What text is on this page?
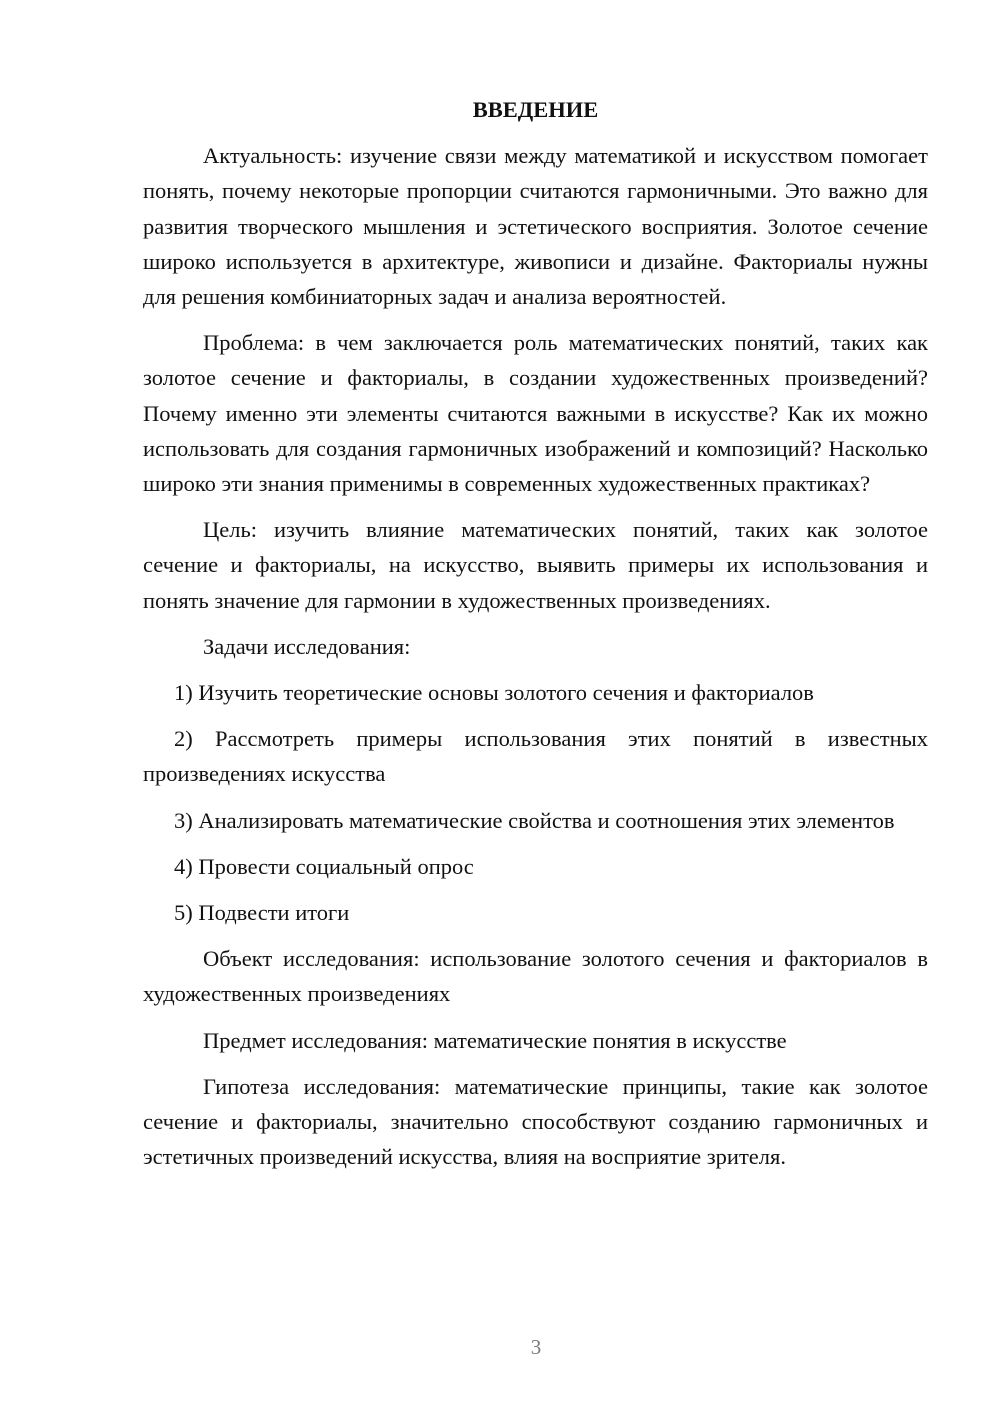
ВВЕДЕНИЕ

Актуальность: изучение связи между математикой и искусством помогает понять, почему некоторые пропорции считаются гармоничными. Это важно для развития творческого мышления и эстетического восприятия. Золотое сечение широко используется в архитектуре, живописи и дизайне. Факториалы нужны для решения комбиниаторных задач и анализа вероятностей.

Проблема: в чем заключается роль математических понятий, таких как золотое сечение и факториалы, в создании художественных произведений? Почему именно эти элементы считаются важными в искусстве? Как их можно использовать для создания гармоничных изображений и композиций? Насколько широко эти знания применимы в современных художественных практиках?

Цель: изучить влияние математических понятий, таких как золотое сечение и факториалы, на искусство, выявить примеры их использования и понять значение для гармонии в художественных произведениях.

Задачи исследования:

1) Изучить теоретические основы золотого сечения и факториалов

2) Рассмотреть примеры использования этих понятий в известных произведениях искусства

3) Анализировать математические свойства и соотношения этих элементов

4) Провести социальный опрос

5) Подвести итоги

Объект исследования: использование золотого сечения и факториалов в художественных произведениях

Предмет исследования: математические понятия в искусстве

Гипотеза исследования: математические принципы, такие как золотое сечение и факториалы, значительно способствуют созданию гармоничных и эстетичных произведений искусства, влияя на восприятие зрителя.

3
